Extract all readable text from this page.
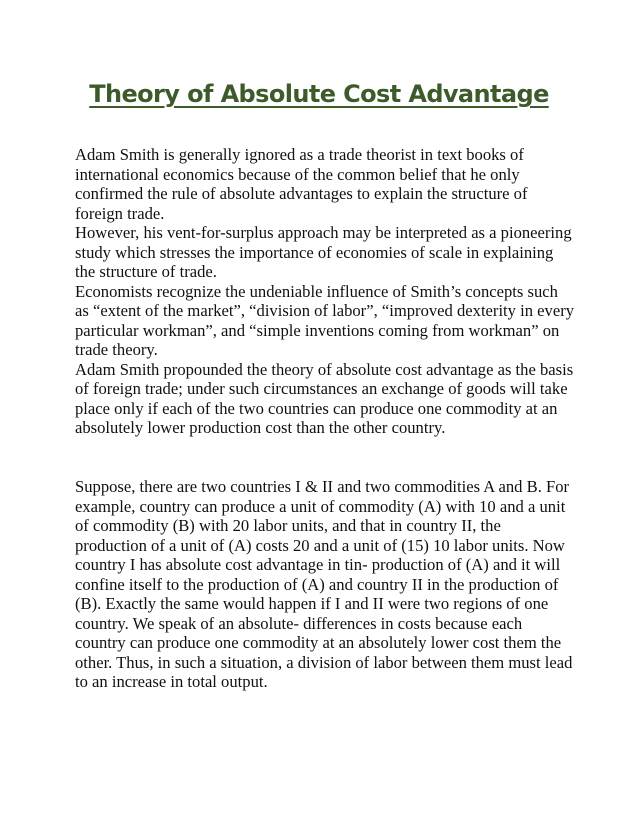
Theory of Absolute Cost Advantage

Adam Smith is generally ignored as a trade theorist in text books of international economics because of the common belief that he only confirmed the rule of absolute advantages to explain the structure of foreign trade.

However, his vent-for-surplus approach may be interpreted as a pioneering study which stresses the importance of economies of scale in explaining the structure of trade.

Economists recognize the undeniable influence of Smith’s concepts such as “extent of the market”, “division of labor”, “improved dexterity in every particular workman”, and “simple inventions coming from workman” on trade theory.

Adam Smith propounded the theory of absolute cost advantage as the basis of foreign trade; under such circumstances an exchange of goods will take place only if each of the two countries can produce one commodity at an absolutely lower production cost than the other country.

Suppose, there are two countries I & II and two commodities A and B. For example, country can produce a unit of commodity (A) with 10 and a unit of commodity (B) with 20 labor units, and that in country II, the production of a unit of (A) costs 20 and a unit of (15) 10 labor units. Now country I has absolute cost advantage in tin- production of (A) and it will confine itself to the production of (A) and country II in the production of (B). Exactly the same would happen if I and II were two regions of one country. We speak of an absolute- differences in costs because each country can produce one commodity at an absolutely lower cost them the other. Thus, in such a situation, a division of labor between them must lead to an increase in total output.
